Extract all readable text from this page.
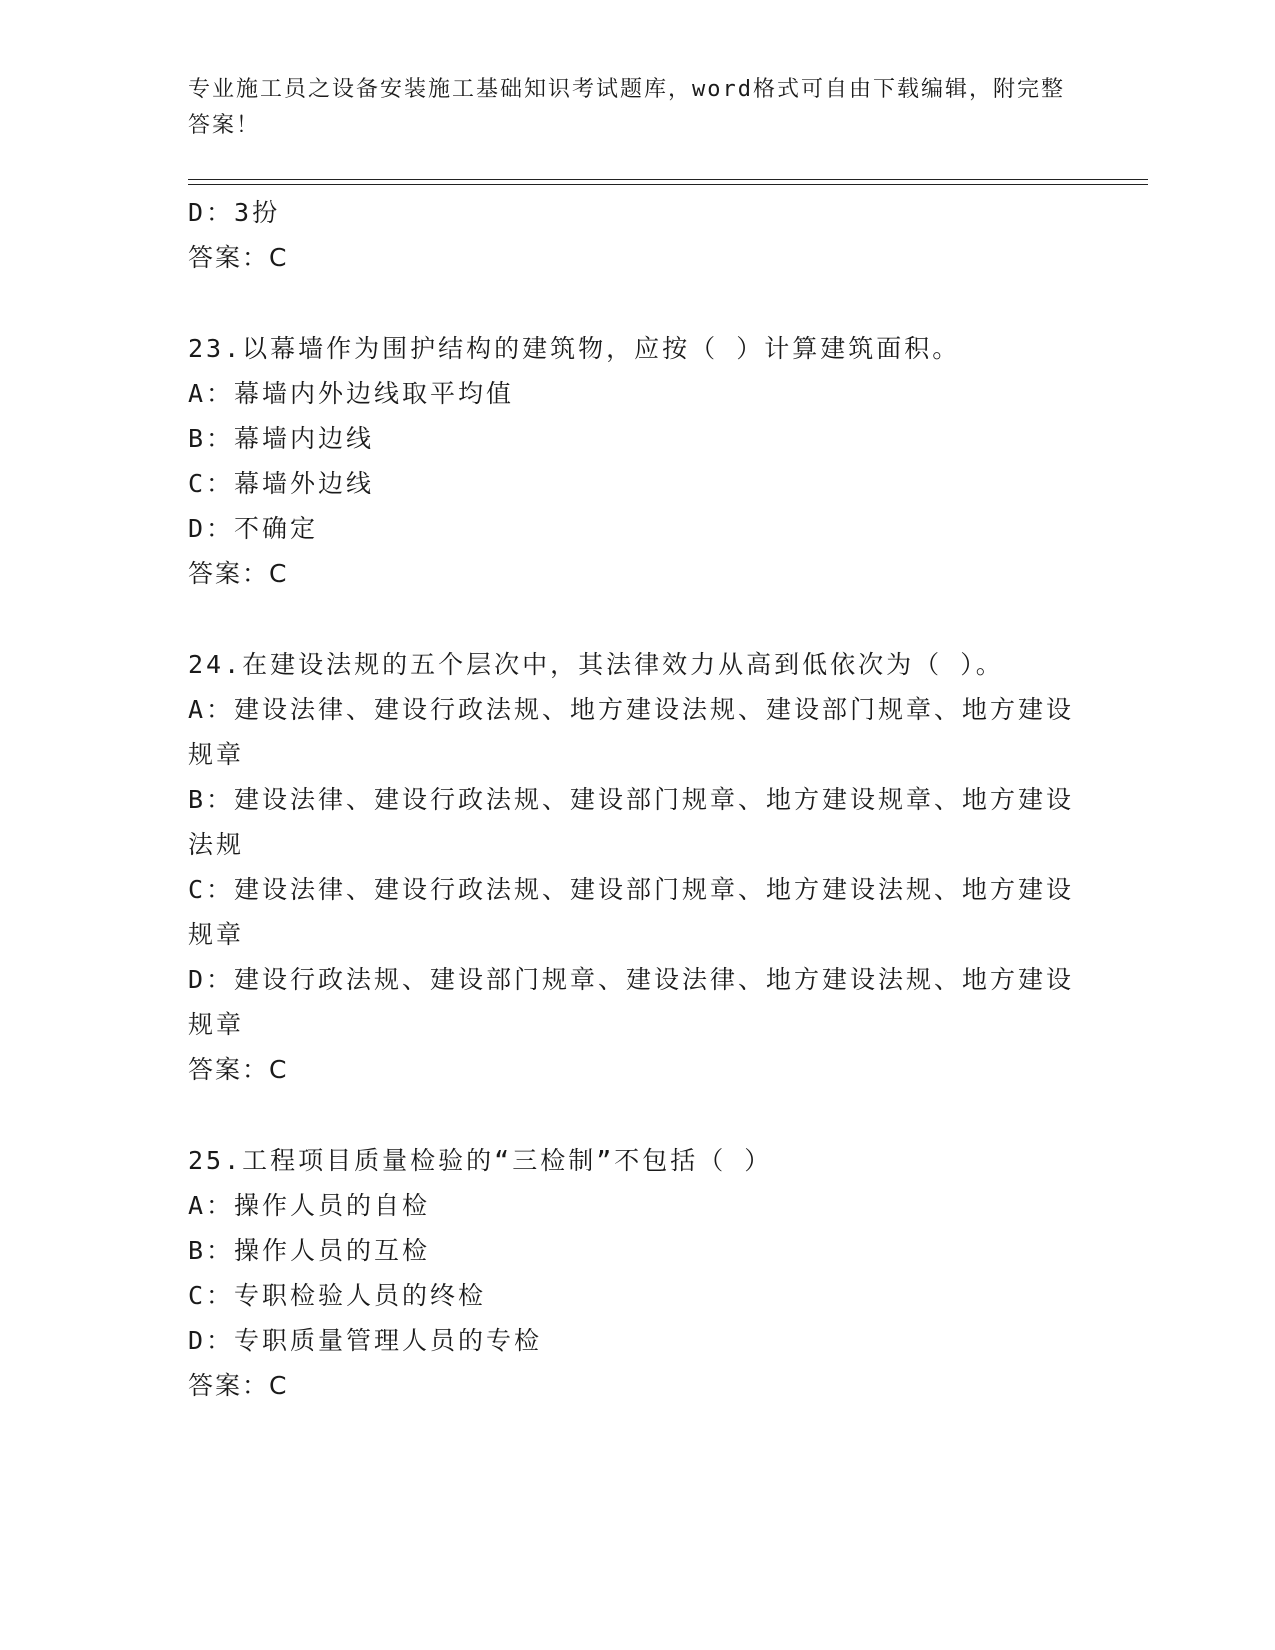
专业施工员之设备安装施工基础知识考试题库，word格式可自由下载编辑，附完整答案！
D：3扮
答案：C
23.以幕墙作为围护结构的建筑物，应按（ ）计算建筑面积。
A：幕墙内外边线取平均值
B：幕墙内边线
C：幕墙外边线
D：不确定
答案：C
24.在建设法规的五个层次中，其法律效力从高到低依次为（ ）。
A：建设法律、建设行政法规、地方建设法规、建设部门规章、地方建设规章
B：建设法律、建设行政法规、建设部门规章、地方建设规章、地方建设法规
C：建设法律、建设行政法规、建设部门规章、地方建设法规、地方建设规章
D：建设行政法规、建设部门规章、建设法律、地方建设法规、地方建设规章
答案：C
25.工程项目质量检验的“三检制”不包括（ ）
A：操作人员的自检
B：操作人员的互检
C：专职检验人员的终检
D：专职质量管理人员的专检
答案：C
